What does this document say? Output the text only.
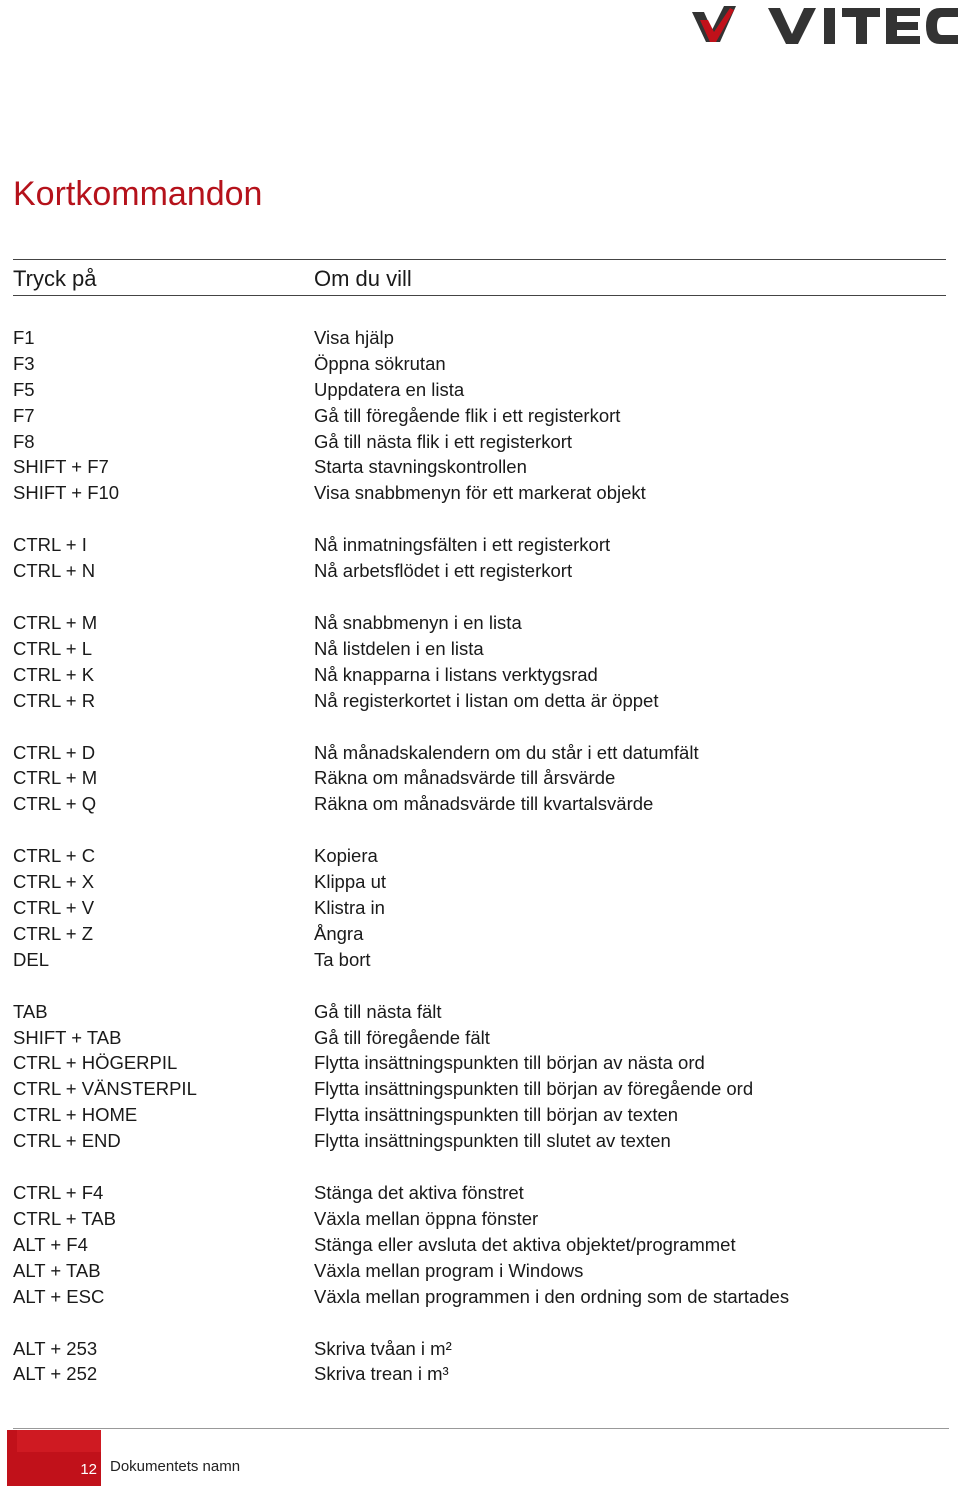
Kortkommandon
Tryck på	Om du vill
F1	Visa hjälp
F3	Öppna sökrutan
F5	Uppdatera en lista
F7	Gå till föregående flik i ett registerkort
F8	Gå till nästa flik i ett registerkort
SHIFT + F7	Starta stavningskontrollen
SHIFT + F10	Visa snabbmenyn för ett markerat objekt
CTRL + I	Nå inmatningsfälten i ett registerkort
CTRL + N	Nå arbetsflödet i ett registerkort
CTRL + M	Nå snabbmenyn i en lista
CTRL + L	Nå listdelen i en lista
CTRL + K	Nå knapparna i listans verktygsrad
CTRL + R	Nå registerkortet i listan om detta är öppet
CTRL + D	Nå månadskalendern om du står i ett datumfält
CTRL + M	Räkna om månadsvärde till årsvärde
CTRL + Q	Räkna om månadsvärde till kvartalsvärde
CTRL + C	Kopiera
CTRL + X	Klippa ut
CTRL + V	Klistra in
CTRL + Z	Ångra
DEL	Ta bort
TAB	Gå till nästa fält
SHIFT + TAB	Gå till föregående fält
CTRL + HÖGERPIL	Flytta insättningspunkten till början av nästa ord
CTRL + VÄNSTERPIL	Flytta insättningspunkten till början av föregående ord
CTRL + HOME	Flytta insättningspunkten till början av texten
CTRL + END	Flytta insättningspunkten till slutet av texten
CTRL + F4	Stänga det aktiva fönstret
CTRL + TAB	Växla mellan öppna fönster
ALT + F4	Stänga eller avsluta det aktiva objektet/programmet
ALT + TAB	Växla mellan program i Windows
ALT + ESC	Växla mellan programmen i den ordning som de startades
ALT + 253	Skriva tvåan i m²
ALT + 252	Skriva trean i m³
12 Dokumentets namn
